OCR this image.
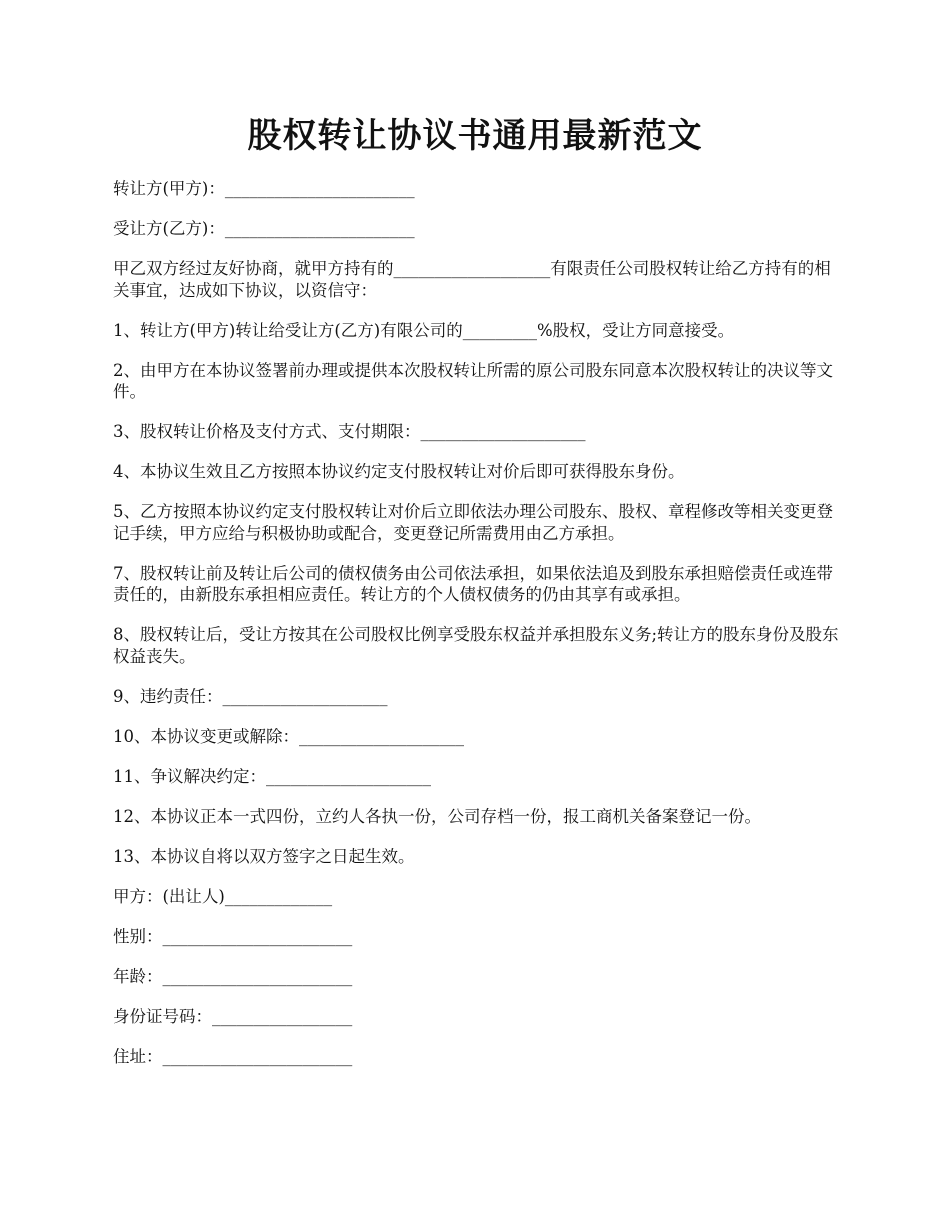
股权转让协议书通用最新范文

转让方(甲方)：_______________________

受让方(乙方)：_______________________

甲乙双方经过友好协商，就甲方持有的___________________有限责任公司股权转让给乙方持有的相关事宜，达成如下协议，以资信守：

1、转让方(甲方)转让给受让方(乙方)有限公司的_________%股权，受让方同意接受。

2、由甲方在本协议签署前办理或提供本次股权转让所需的原公司股东同意本次股权转让的决议等文件。

3、股权转让价格及支付方式、支付期限：____________________

4、本协议生效且乙方按照本协议约定支付股权转让对价后即可获得股东身份。

5、乙方按照本协议约定支付股权转让对价后立即依法办理公司股东、股权、章程修改等相关变更登记手续，甲方应给与积极协助或配合，变更登记所需费用由乙方承担。

7、股权转让前及转让后公司的债权债务由公司依法承担，如果依法追及到股东承担赔偿责任或连带责任的，由新股东承担相应责任。转让方的个人债权债务的仍由其享有或承担。

8、股权转让后，受让方按其在公司股权比例享受股东权益并承担股东义务;转让方的股东身份及股东权益丧失。

9、违约责任：____________________

10、本协议变更或解除：____________________

11、争议解决约定：____________________

12、本协议正本一式四份，立约人各执一份，公司存档一份，报工商机关备案登记一份。

13、本协议自将以双方签字之日起生效。

甲方：(出让人)_____________

性别：_______________________

年龄：_______________________

身份证号码：_________________

住址：_______________________
